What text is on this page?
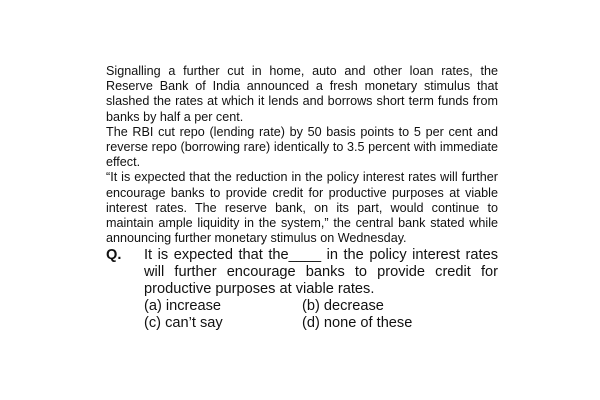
Signalling a further cut in home, auto and other loan rates, the Reserve Bank of India announced a fresh monetary stimulus that slashed the rates at which it lends and borrows short term funds from banks by half a per cent.

The RBI cut repo (lending rate) by 50 basis points to 5 per cent and reverse repo (borrowing rare) identically to 3.5 percent with immediate effect.

“It is expected that the reduction in the policy interest rates will further encourage banks to provide credit for productive purposes at viable interest rates. The reserve bank, on its part, would continue to maintain ample liquidity in the system,” the central bank stated while announcing further monetary stimulus on Wednesday.

Q.	It is expected that the____ in the policy interest rates will further encourage banks to provide credit for productive purposes at viable rates.
(a) increase	(b) decrease
(c) can’t say	(d) none of these
